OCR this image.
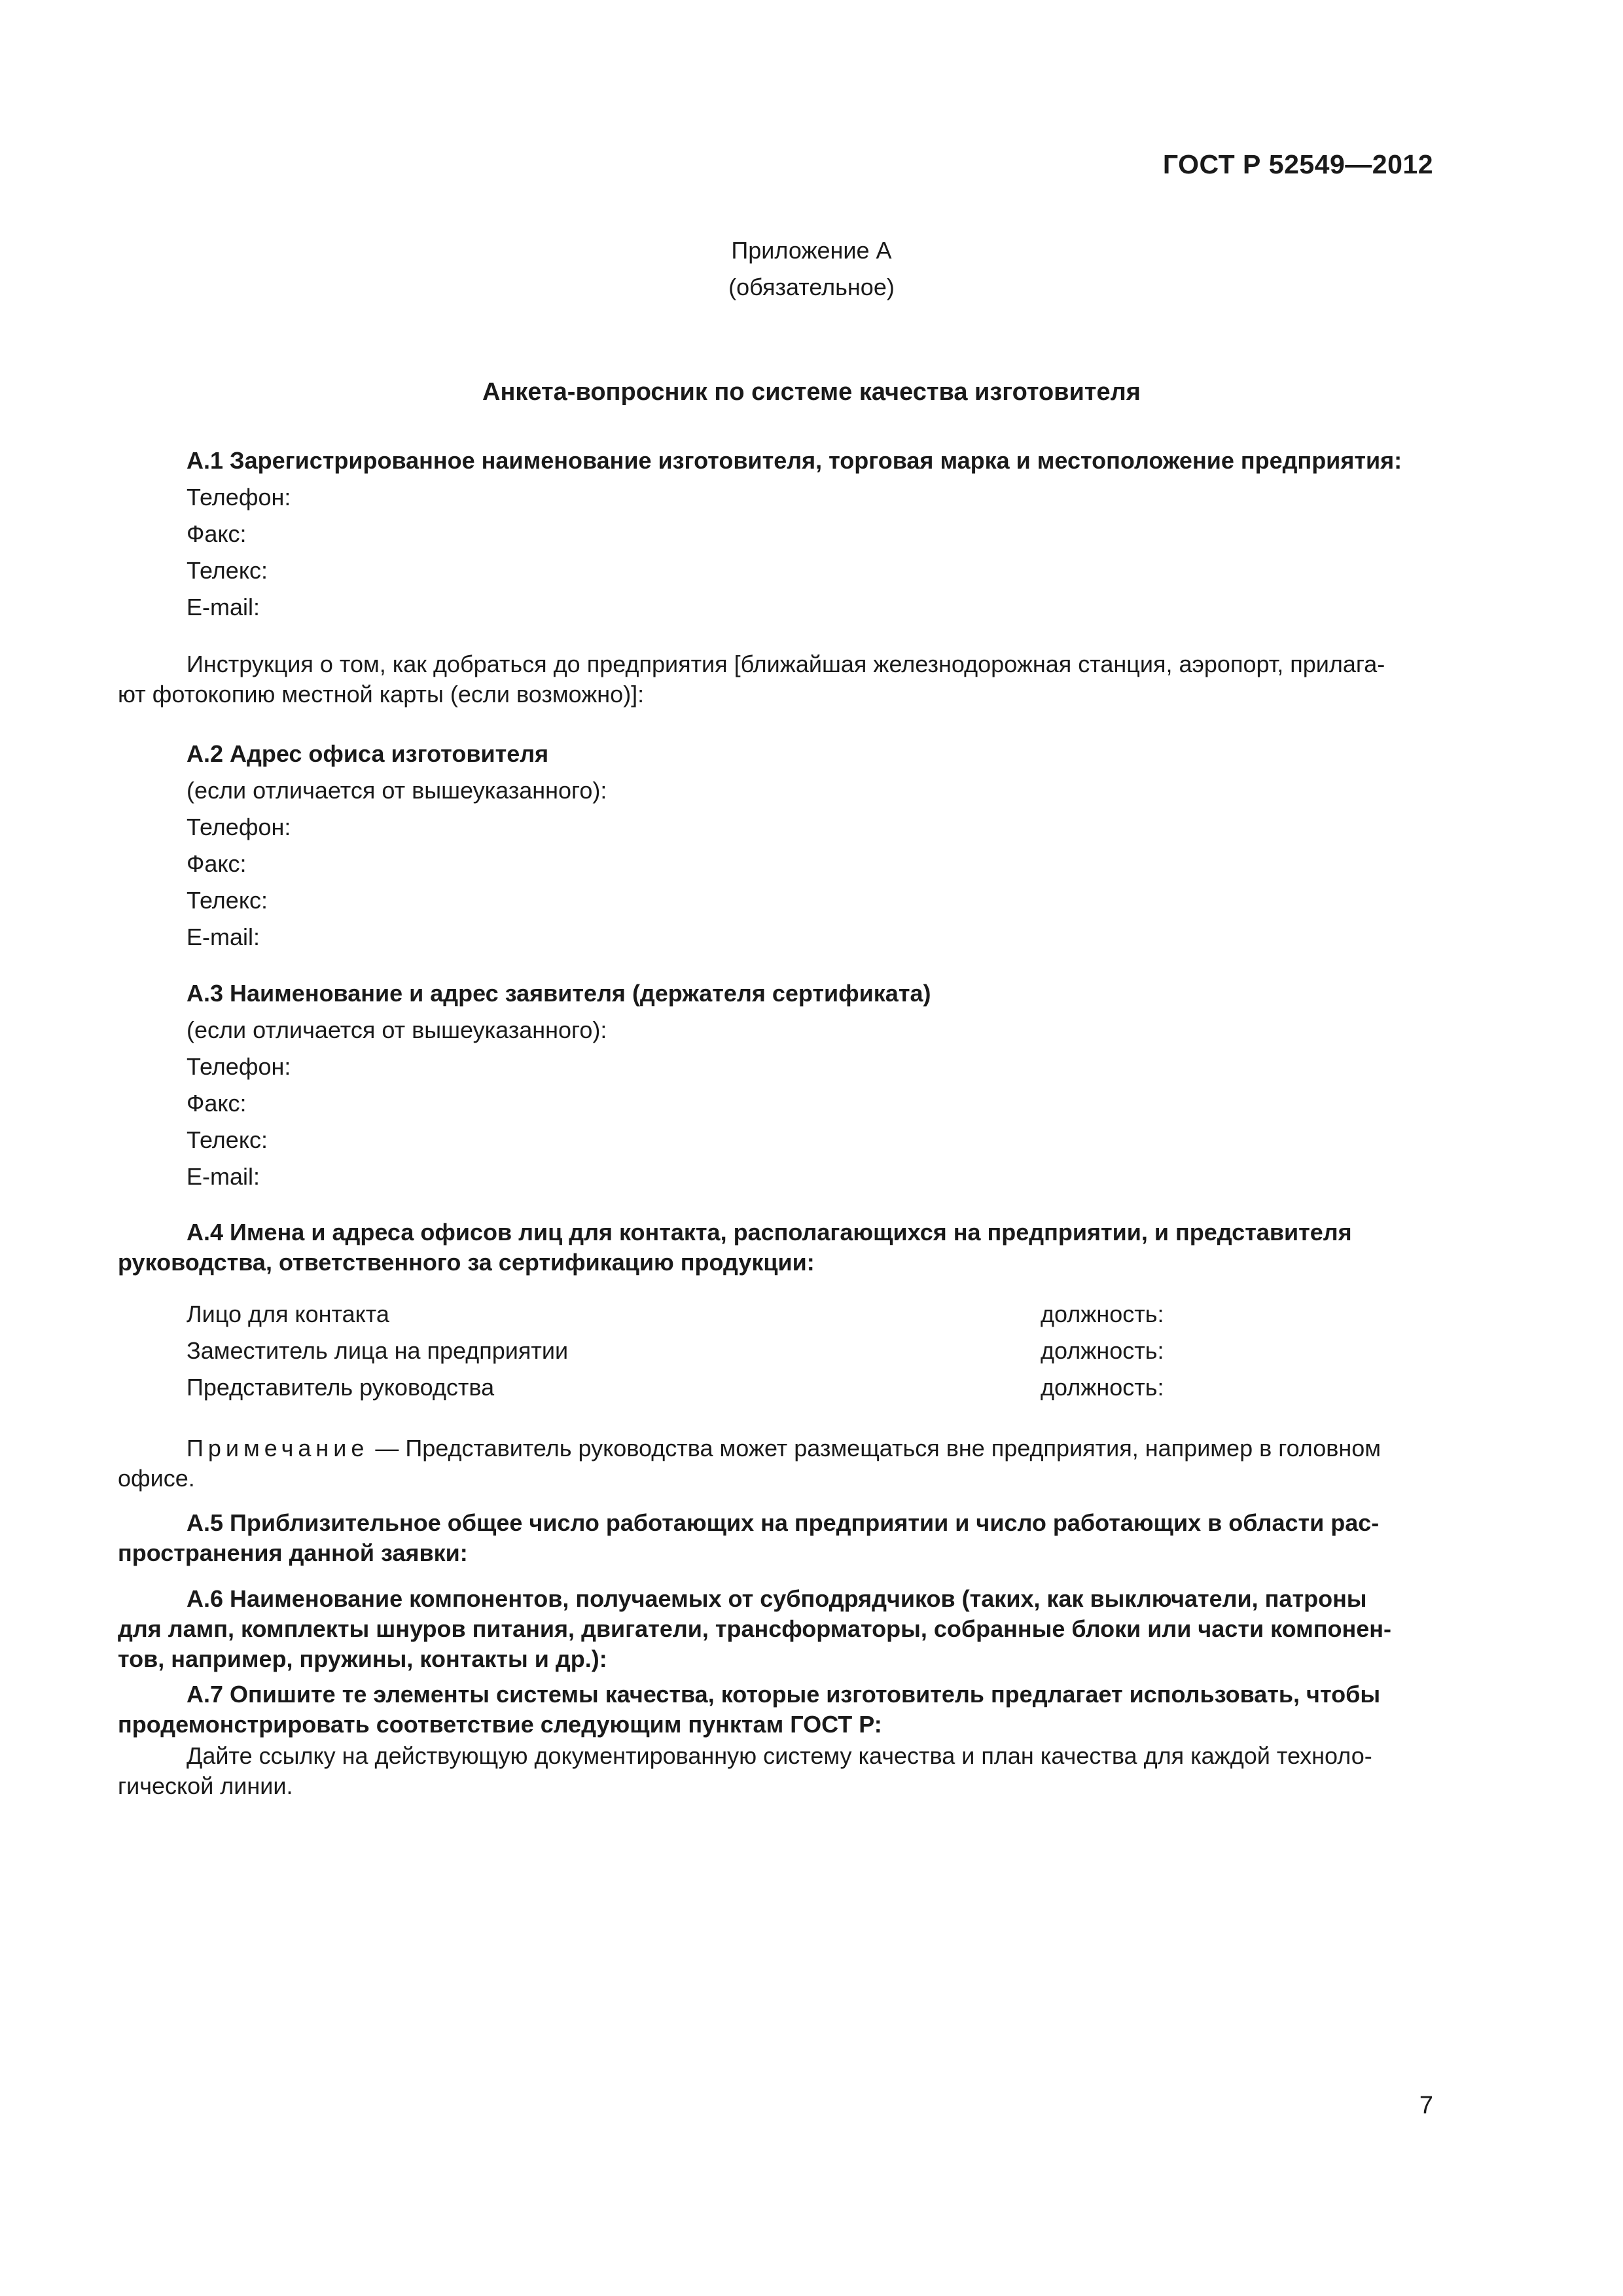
ГОСТ Р 52549—2012
Приложение А
(обязательное)
Анкета-вопросник по системе качества изготовителя
А.1 Зарегистрированное наименование изготовителя, торговая марка и местоположение предприятия:
Телефон:
Факс:
Телекс:
E-mail:
Инструкция о том, как добраться до предприятия [ближайшая железнодорожная станция, аэропорт, прилага-
ют фотокопию местной карты (если возможно)]:
А.2 Адрес офиса изготовителя
(если отличается от вышеуказанного):
Телефон:
Факс:
Телекс:
E-mail:
А.3 Наименование и адрес заявителя (держателя сертификата)
(если отличается от вышеуказанного):
Телефон:
Факс:
Телекс:
E-mail:
А.4 Имена и адреса офисов лиц для контакта, располагающихся на предприятии, и представителя
руководства, ответственного за сертификацию продукции:
Лицо для контакта	должность:
Заместитель лица на предприятии	должность:
Представитель руководства	должность:
Примечание — Представитель руководства может размещаться вне предприятия, например в головном
офисе.
А.5 Приблизительное общее число работающих на предприятии и число работающих в области рас-
пространения данной заявки:
А.6 Наименование компонентов, получаемых от субподрядчиков (таких, как выключатели, патроны
для ламп, комплекты шнуров питания, двигатели, трансформаторы, собранные блоки или части компонен-
тов, например, пружины, контакты и др.):
А.7 Опишите те элементы системы качества, которые изготовитель предлагает использовать, чтобы
продемонстрировать соответствие следующим пунктам ГОСТ Р:
Дайте ссылку на действующую документированную систему качества и план качества для каждой техноло-
гической линии.
7
